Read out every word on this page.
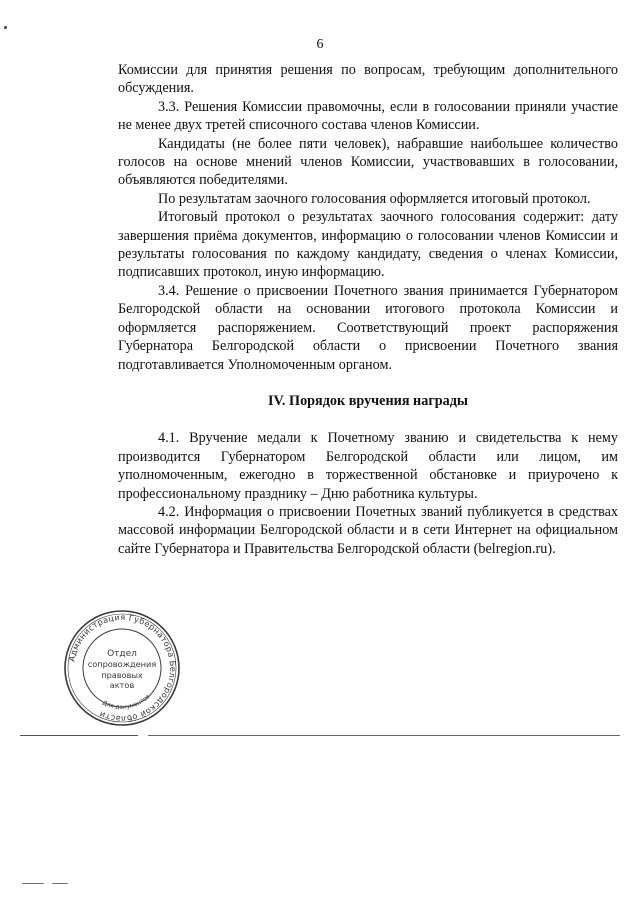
6

Комиссии для принятия решения по вопросам, требующим дополнительного обсуждения.

3.3. Решения Комиссии правомочны, если в голосовании приняли участие не менее двух третей списочного состава членов Комиссии.

Кандидаты (не более пяти человек), набравшие наибольшее количество голосов на основе мнений членов Комиссии, участвовавших в голосовании, объявляются победителями.

По результатам заочного голосования оформляется итоговый протокол.

Итоговый протокол о результатах заочного голосования содержит: дату завершения приёма документов, информацию о голосовании членов Комиссии и результаты голосования по каждому кандидату, сведения о членах Комиссии, подписавших протокол, иную информацию.

3.4. Решение о присвоении Почетного звания принимается Губернатором Белгородской области на основании итогового протокола Комиссии и оформляется распоряжением. Соответствующий проект распоряжения Губернатора Белгородской области о присвоении Почетного звания подготавливается Уполномоченным органом.

IV. Порядок вручения награды

4.1. Вручение медали к Почетному званию и свидетельства к нему производится Губернатором Белгородской области или лицом, им уполномоченным, ежегодно в торжественной обстановке и приурочено к профессиональному празднику – Дню работника культуры.

4.2. Информация о присвоении Почетных званий публикуется в средствах массовой информации Белгородской области и в сети Интернет на официальном сайте Губернатора и Правительства Белгородской области (belregion.ru).

Администрация Губернатора Белгородской области
Для документов
Отдел
сопровождения
правовых
актов
